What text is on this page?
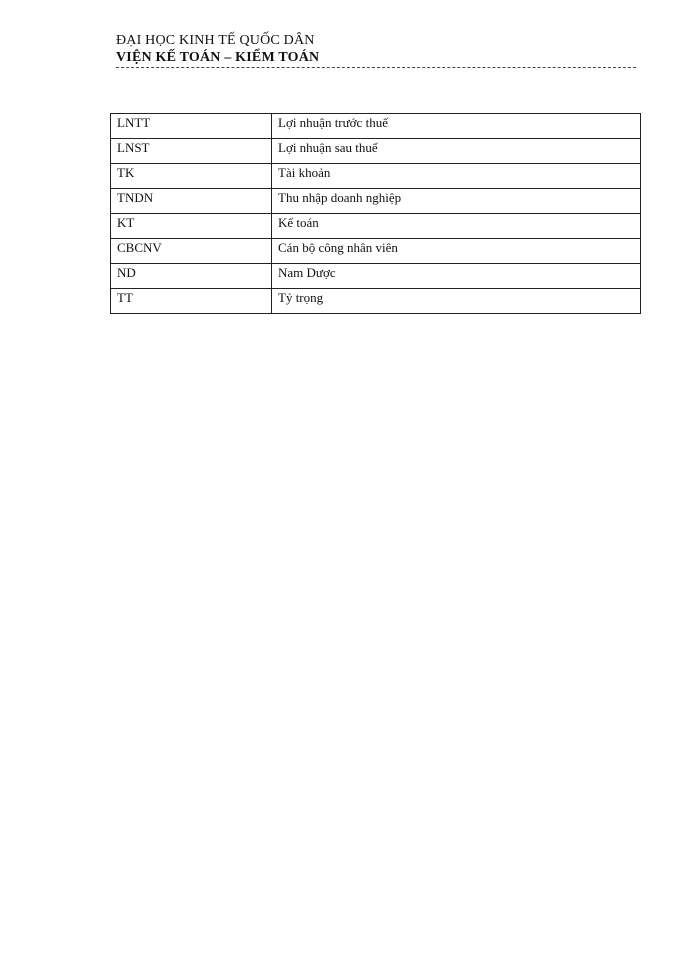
ĐẠI HỌC KINH TẾ QUỐC DÂN
VIỆN KẾ TOÁN – KIỂM TOÁN
LNTT	Lợi nhuận trước thuế
LNST	Lợi nhuận sau thuế
TK	Tài khoản
TNDN	Thu nhập doanh nghiệp
KT	Kế toán
CBCNV	Cán bộ công nhân viên
ND	Nam Dược
TT	Tỷ trọng
